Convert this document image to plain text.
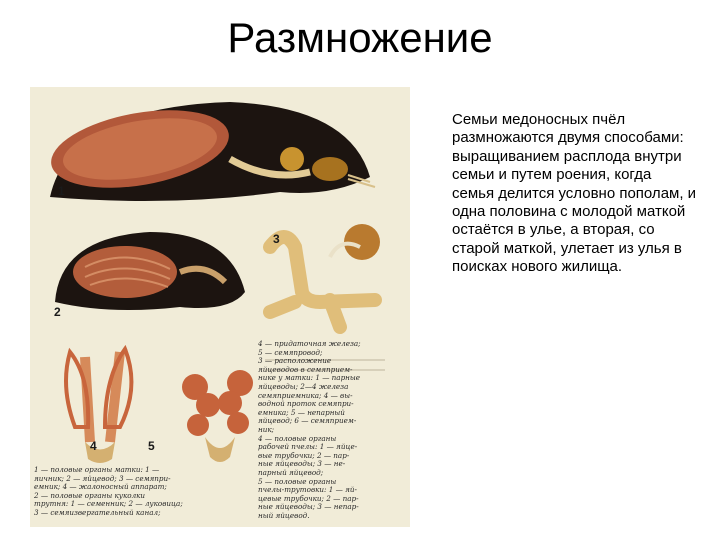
Размножение
1
2
3
4	5
4 — придаточная железа;
5 — семяпровод;
3 — расположение
яйцеводов в семяприем-
нике у матки: 1 — парные
яйцеводы; 2—4 железа
семяприемника; 4 — вы-
водной проток семяпри-
емника; 5 — непарный
яйцевод; 6 — семяприем-
ник;
4 — половые органы
рабочей пчелы: 1 — яйце-
вые трубочки; 2 — пар-
ные яйцеводы; 3 — не-
парный яйцевод;
5 — половые органы
пчелы-трутовки: 1 — яй-
цевые трубочки; 2 — пар-
ные яйцеводы; 3 — непар-
ный яйцевод.
1 — половые органы матки: 1 —
яичник; 2 — яйцевод; 3 — семяпри-
емник; 4 — жалоносный аппарат;
2 — половые органы куколки
трутня: 1 — семенник; 2 — луковица;
3 — семяизвергательный канал;
Семьи медоносных пчёл размножаются двумя способами: выращиванием расплода внутри семьи и путем роения, когда семья делится условно пополам, и одна половина с молодой маткой остаётся в улье, а вторая, со старой маткой, улетает из улья в поисках нового жилища.
